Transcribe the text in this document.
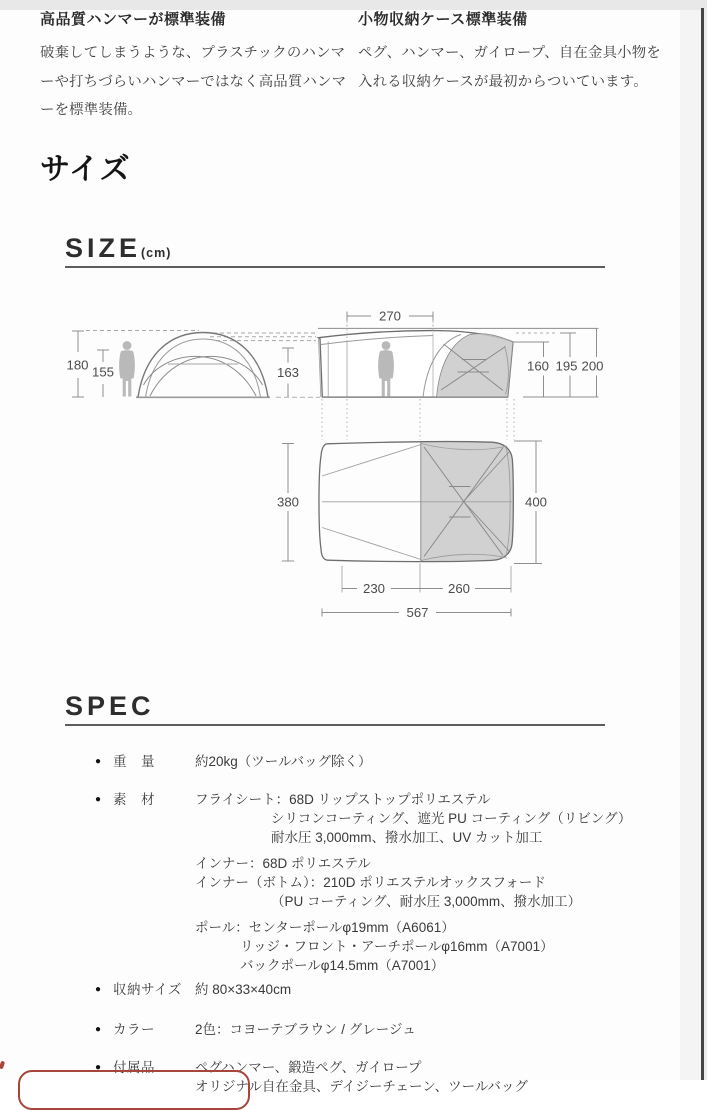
高品質ハンマーが標準装備

破棄してしまうような、プラスチックのハンマーや打ちづらいハンマーではなく高品質ハンマーを標準装備。

小物収納ケース標準装備

ペグ、ハンマー、ガイロープ、自在金具小物を入れる収納ケースが最初からついています。

サイズ
SIZE(cm)
180 155	163
270
160 195 200
380	400
230	260
567
SPEC
● 重　量	約20kg（ツールバッグ除く）
● 素　材	フライシート：68D リップストップポリエステル
シリコンコーティング、遮光 PU コーティング（リビング）
耐水圧 3,000mm、撥水加工、UV カット加工
インナー：68D ポリエステル
インナー（ボトム）：210D ポリエステルオックスフォード
（PU コーティング、耐水圧 3,000mm、撥水加工）
ポール：センターポールφ19mm（A6061）
リッジ・フロント・アーチポールφ16mm（A7001）
バックポールφ14.5mm（A7001）
● 収納サイズ 約 80×33×40cm
● カラー	2色：コヨーテブラウン / グレージュ
● 付属品	ペグハンマー、鍛造ペグ、ガイロープ
オリジナル自在金具、デイジーチェーン、ツールバッグ
